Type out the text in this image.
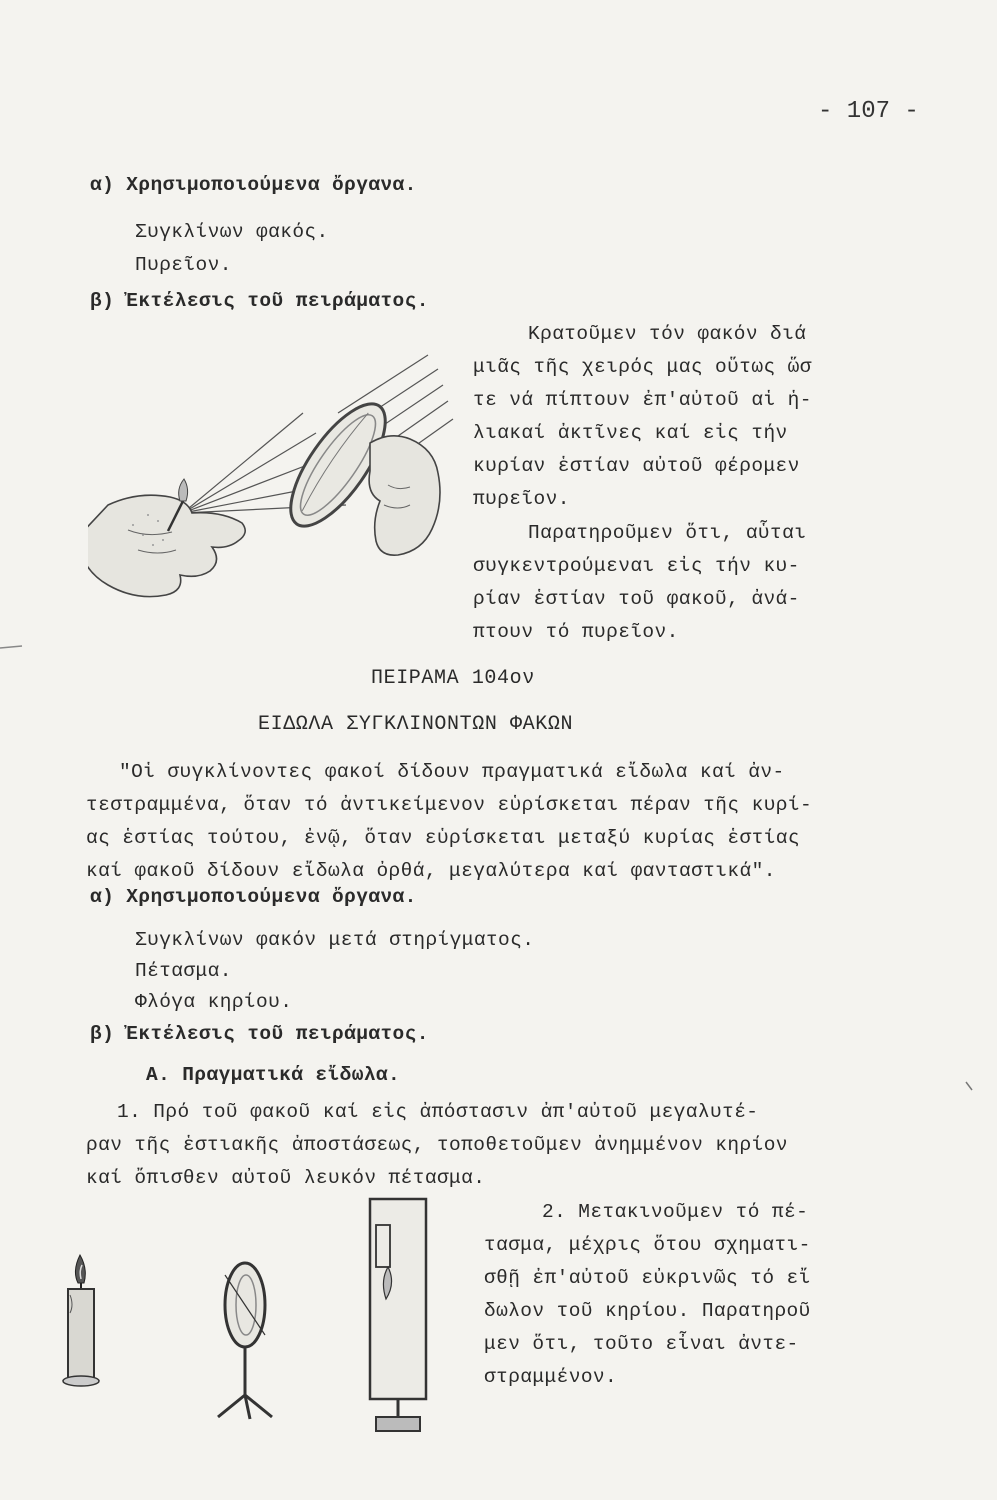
- 107 -
α) Χρησιμοποιούμενα ὄργανα.
Συγκλίνων φακός.
Πυρεῖον.
β) Ἐκτέλεσις τοῦ πειράματος.
Κρατοῦμεν τόν φακόν διά
μιᾶς τῆς χειρός μας οὕτως ὥσ
τε νά πίπτουν ἐπ'αὐτοῦ αἱ ἡ-
λιακαί ἀκτῖνες καί εἰς τήν
κυρίαν ἑστίαν αὐτοῦ φέρομεν
πυρεῖον.
Παρατηροῦμεν ὅτι, αὗται
συγκεντρούμεναι εἰς τήν κυ-
ρίαν ἑστίαν τοῦ φακοῦ, ἀνά-
πτουν τό πυρεῖον.
ΠΕΙΡΑΜΑ 104ον
ΕΙΔΩΛΑ ΣΥΓΚΛΙΝΟΝΤΩΝ ΦΑΚΩΝ
"Οἱ συγκλίνοντες φακοί δίδουν πραγματικά εἴδωλα καί ἀν-
τεστραμμένα, ὅταν τό ἀντικείμενον εὑρίσκεται πέραν τῆς κυρί-
ας ἑστίας τούτου, ἐνῷ, ὅταν εὑρίσκεται μεταξύ κυρίας ἑστίας
καί φακοῦ δίδουν εἴδωλα ὀρθά, μεγαλύτερα καί φανταστικά".
α) Χρησιμοποιούμενα ὄργανα.
Συγκλίνων φακόν μετά στηρίγματος.
Πέτασμα.
Φλόγα κηρίου.
β) Ἐκτέλεσις τοῦ πειράματος.
Α. Πραγματικά εἴδωλα.
1. Πρό τοῦ φακοῦ καί εἰς ἀπόστασιν ἀπ'αὐτοῦ μεγαλυτέ-
ραν τῆς ἑστιακῆς ἀποστάσεως, τοποθετοῦμεν ἀνημμένον κηρίον
καί ὄπισθεν αὐτοῦ λευκόν πέτασμα.
2. Μετακινοῦμεν τό πέ-
τασμα, μέχρις ὅτου σχηματι-
σθῇ ἐπ'αὐτοῦ εὐκρινῶς τό εἴ
δωλον τοῦ κηρίου. Παρατηροῦ
μεν ὅτι, τοῦτο εἶναι ἀντε-
στραμμένον.
